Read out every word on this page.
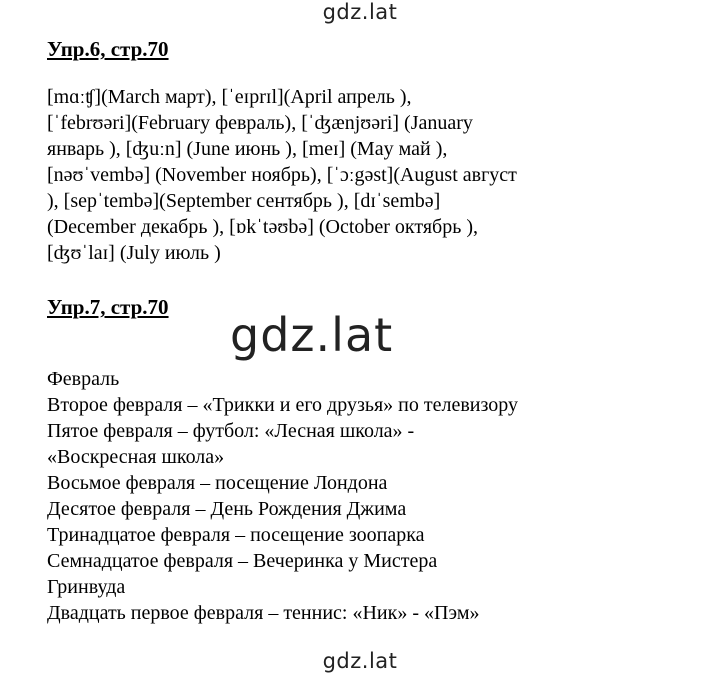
gdz.lat
Упр.6, стр.70
[mɑːʧ](March март), [ˈeɪprɪl](April апрель ),
[ˈfebrʊəri](February февраль), [ˈʤænjʊəri] (January
январь ), [ʤuːn] (June июнь ), [meɪ] (May май ),
[nəʊˈvembə] (November ноябрь), [ˈɔːgəst](August август
), [sepˈtembə](September сентябрь ), [dɪˈsembə]
(December декабрь ), [ɒkˈtəʊbə] (October октябрь ),
[ʤʊˈlaɪ] (July июль )
Упр.7, стр.70
gdz.lat
Февраль
Второе февраля – «Трикки и его друзья» по телевизору
Пятое февраля – футбол: «Лесная школа» -
«Воскресная школа»
Восьмое февраля – посещение Лондона
Десятое февраля – День Рождения Джима
Тринадцатое февраля – посещение зоопарка
Семнадцатое февраля – Вечеринка у Мистера
Гринвуда
Двадцать первое февраля – теннис: «Ник» - «Пэм»
gdz.lat
